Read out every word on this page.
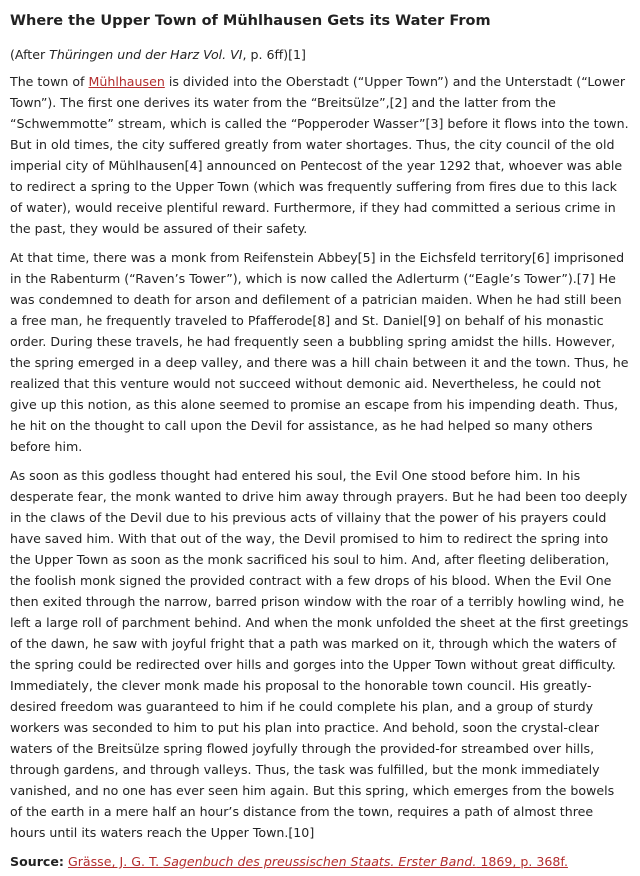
Where the Upper Town of Mühlhausen Gets its Water From

(After Thüringen und der Harz Vol. VI, p. 6ff)[1]

The town of Mühlhausen is divided into the Oberstadt (“Upper Town”) and the Unterstadt (“Lower Town”). The first one derives its water from the “Breitsülze”,[2] and the latter from the “Schwemmotte” stream, which is called the “Popperoder Wasser”[3] before it flows into the town. But in old times, the city suffered greatly from water shortages. Thus, the city council of the old imperial city of Mühlhausen[4] announced on Pentecost of the year 1292 that, whoever was able to redirect a spring to the Upper Town (which was frequently suffering from fires due to this lack of water), would receive plentiful reward. Furthermore, if they had committed a serious crime in the past, they would be assured of their safety.

At that time, there was a monk from Reifenstein Abbey[5] in the Eichsfeld territory[6] imprisoned in the Rabenturm (“Raven’s Tower”), which is now called the Adlerturm (“Eagle’s Tower”).[7] He was condemned to death for arson and defilement of a patrician maiden. When he had still been a free man, he frequently traveled to Pfafferode[8] and St. Daniel[9] on behalf of his monastic order. During these travels, he had frequently seen a bubbling spring amidst the hills. However, the spring emerged in a deep valley, and there was a hill chain between it and the town. Thus, he realized that this venture would not succeed without demonic aid. Nevertheless, he could not give up this notion, as this alone seemed to promise an escape from his impending death. Thus, he hit on the thought to call upon the Devil for assistance, as he had helped so many others before him.

As soon as this godless thought had entered his soul, the Evil One stood before him. In his desperate fear, the monk wanted to drive him away through prayers. But he had been too deeply in the claws of the Devil due to his previous acts of villainy that the power of his prayers could have saved him. With that out of the way, the Devil promised to him to redirect the spring into the Upper Town as soon as the monk sacrificed his soul to him. And, after fleeting deliberation, the foolish monk signed the provided contract with a few drops of his blood. When the Evil One then exited through the narrow, barred prison window with the roar of a terribly howling wind, he left a large roll of parchment behind. And when the monk unfolded the sheet at the first greetings of the dawn, he saw with joyful fright that a path was marked on it, through which the waters of the spring could be redirected over hills and gorges into the Upper Town without great difficulty. Immediately, the clever monk made his proposal to the honorable town council. His greatly-desired freedom was guaranteed to him if he could complete his plan, and a group of sturdy workers was seconded to him to put his plan into practice. And behold, soon the crystal-clear waters of the Breitsülze spring flowed joyfully through the provided-for streambed over hills, through gardens, and through valleys. Thus, the task was fulfilled, but the monk immediately vanished, and no one has ever seen him again. But this spring, which emerges from the bowels of the earth in a mere half an hour’s distance from the town, requires a path of almost three hours until its waters reach the Upper Town.[10]

Source: Grässe, J. G. T. Sagenbuch des preussischen Staats. Erster Band. 1869, p. 368f.
